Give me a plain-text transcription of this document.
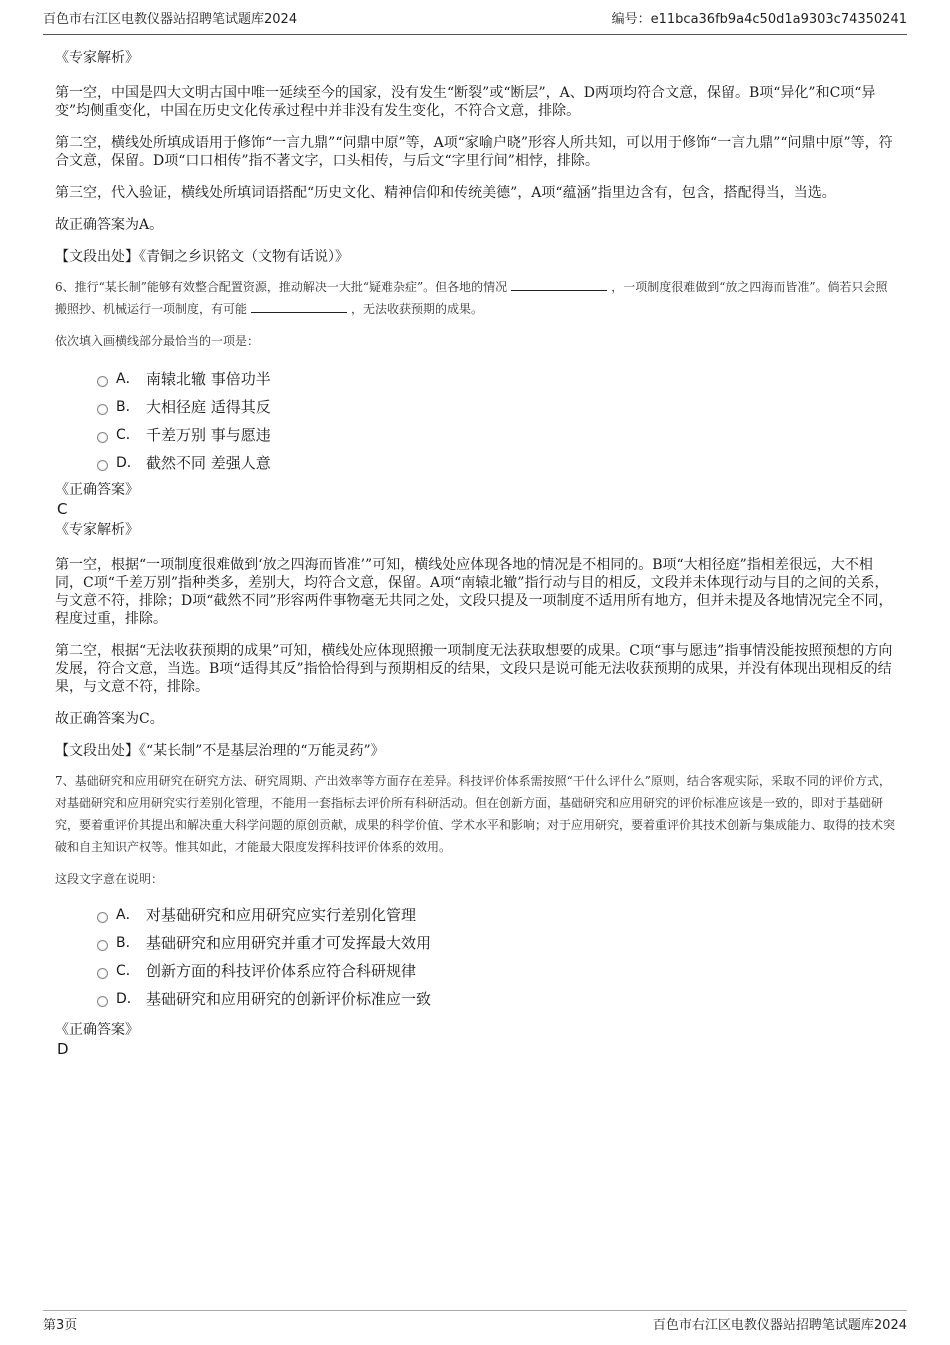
百色市右江区电教仪器站招聘笔试题库2024	编号：e11bca36fb9a4c50d1a9303c74350241

《专家解析》

第一空，中国是四大文明古国中唯一延续至今的国家，没有发生“断裂”或“断层”，A、D两项均符合文意，保留。B项“异化”和C项“异变”均侧重变化，中国在历史文化传承过程中并非没有发生变化，不符合文意，排除。

第二空，横线处所填成语用于修饰“一言九鼎”“问鼎中原”等，A项“家喻户晓”形容人所共知，可以用于修饰“一言九鼎”“问鼎中原”等，符合文意，保留。D项“口口相传”指不著文字，口头相传，与后文“字里行间”相悖，排除。

第三空，代入验证，横线处所填词语搭配“历史文化、精神信仰和传统美德”，A项“蕴涵”指里边含有，包含，搭配得当，当选。

故正确答案为A。

【文段出处】《青铜之乡识铭文（文物有话说）》

6、推行“某长制”能够有效整合配置资源，推动解决一大批“疑难杂症”。但各地的情况	，一项制度很难做到“放之四海而皆准”。倘若只会照搬照抄、机械运行一项制度，有可能	，无法收获预期的成果。

依次填入画横线部分最恰当的一项是：

A． 南辕北辙 事倍功半
B． 大相径庭 适得其反
C． 千差万别 事与愿违
D． 截然不同 差强人意

《正确答案》

C

《专家解析》

第一空，根据“一项制度很难做到‘放之四海而皆准’”可知，横线处应体现各地的情况是不相同的。B项“大相径庭”指相差很远，大不相同，C项“千差万别”指种类多，差别大，均符合文意，保留。A项“南辕北辙”指行动与目的相反，文段并未体现行动与目的之间的关系，与文意不符，排除；D项“截然不同”形容两件事物毫无共同之处，文段只提及一项制度不适用所有地方，但并未提及各地情况完全不同，程度过重，排除。

第二空，根据“无法收获预期的成果”可知，横线处应体现照搬一项制度无法获取想要的成果。C项“事与愿违”指事情没能按照预想的方向发展，符合文意，当选。B项“适得其反”指恰恰得到与预期相反的结果，文段只是说可能无法收获预期的成果，并没有体现出现相反的结果，与文意不符，排除。

故正确答案为C。

【文段出处】《“某长制”不是基层治理的“万能灵药”》

7、基础研究和应用研究在研究方法、研究周期、产出效率等方面存在差异。科技评价体系需按照“干什么评什么”原则，结合客观实际，采取不同的评价方式，对基础研究和应用研究实行差别化管理，不能用一套指标去评价所有科研活动。但在创新方面，基础研究和应用研究的评价标准应该是一致的，即对于基础研究，要着重评价其提出和解决重大科学问题的原创贡献，成果的科学价值、学术水平和影响；对于应用研究，要着重评价其技术创新与集成能力、取得的技术突破和自主知识产权等。惟其如此，才能最大限度发挥科技评价体系的效用。

这段文字意在说明：

A． 对基础研究和应用研究应实行差别化管理
B． 基础研究和应用研究并重才可发挥最大效用
C． 创新方面的科技评价体系应符合科研规律
D． 基础研究和应用研究的创新评价标准应一致

《正确答案》

D

第3页	百色市右江区电教仪器站招聘笔试题库2024
